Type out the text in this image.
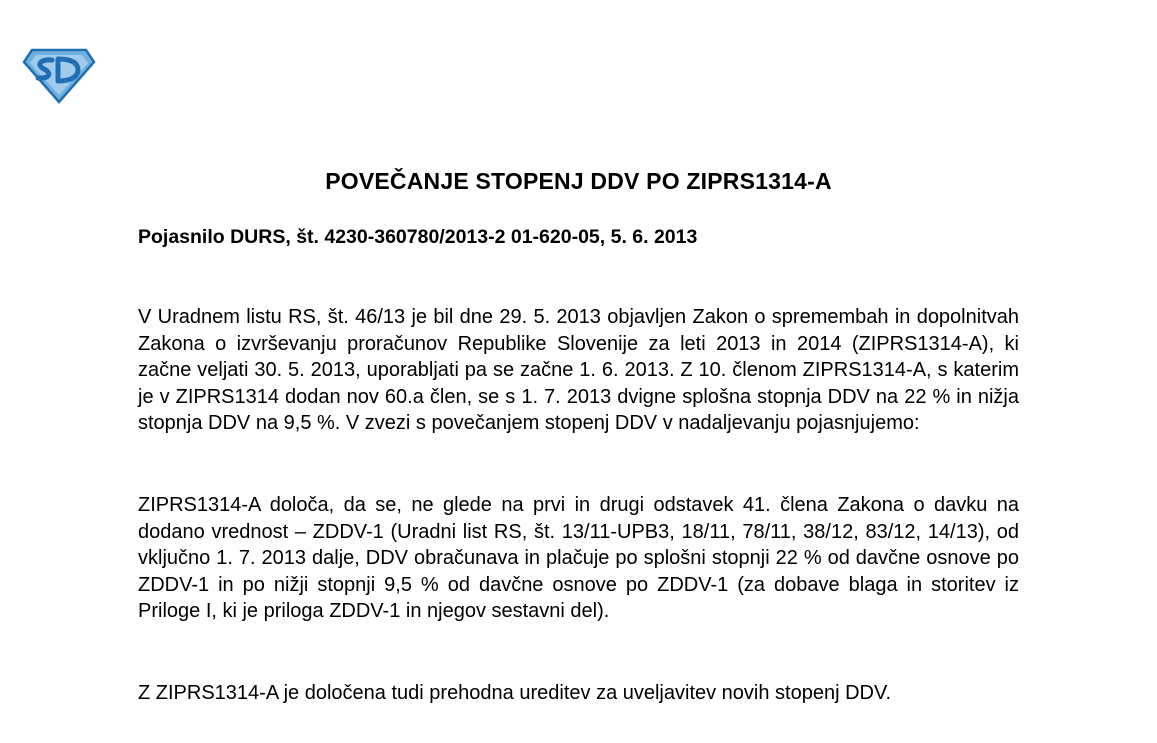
POVEČANJE STOPENJ DDV PO ZIPRS1314-A
Pojasnilo DURS, št. 4230-360780/2013-2 01-620-05, 5. 6. 2013

V Uradnem listu RS, št. 46/13 je bil dne 29. 5. 2013 objavljen Zakon o spremembah in dopolnitvah Zakona o izvrševanju proračunov Republike Slovenije za leti 2013 in 2014 (ZIPRS1314-A), ki začne veljati 30. 5. 2013, uporabljati pa se začne 1. 6. 2013. Z 10. členom ZIPRS1314-A, s katerim je v ZIPRS1314 dodan nov 60.a člen, se s 1. 7. 2013 dvigne splošna stopnja DDV na 22 % in nižja stopnja DDV na 9,5 %. V zvezi s povečanjem stopenj DDV v nadaljevanju pojasnjujemo:

ZIPRS1314-A določa, da se, ne glede na prvi in drugi odstavek 41. člena Zakona o davku na dodano vrednost – ZDDV-1 (Uradni list RS, št. 13/11-UPB3, 18/11, 78/11, 38/12, 83/12, 14/13), od vključno 1. 7. 2013 dalje, DDV obračunava in plačuje po splošni stopnji 22 % od davčne osnove po ZDDV-1 in po nižji stopnji 9,5 % od davčne osnove po ZDDV-1 (za dobave blaga in storitev iz Priloge I, ki je priloga ZDDV-1 in njegov sestavni del).

Z ZIPRS1314-A je določena tudi prehodna ureditev za uveljavitev novih stopenj DDV.
